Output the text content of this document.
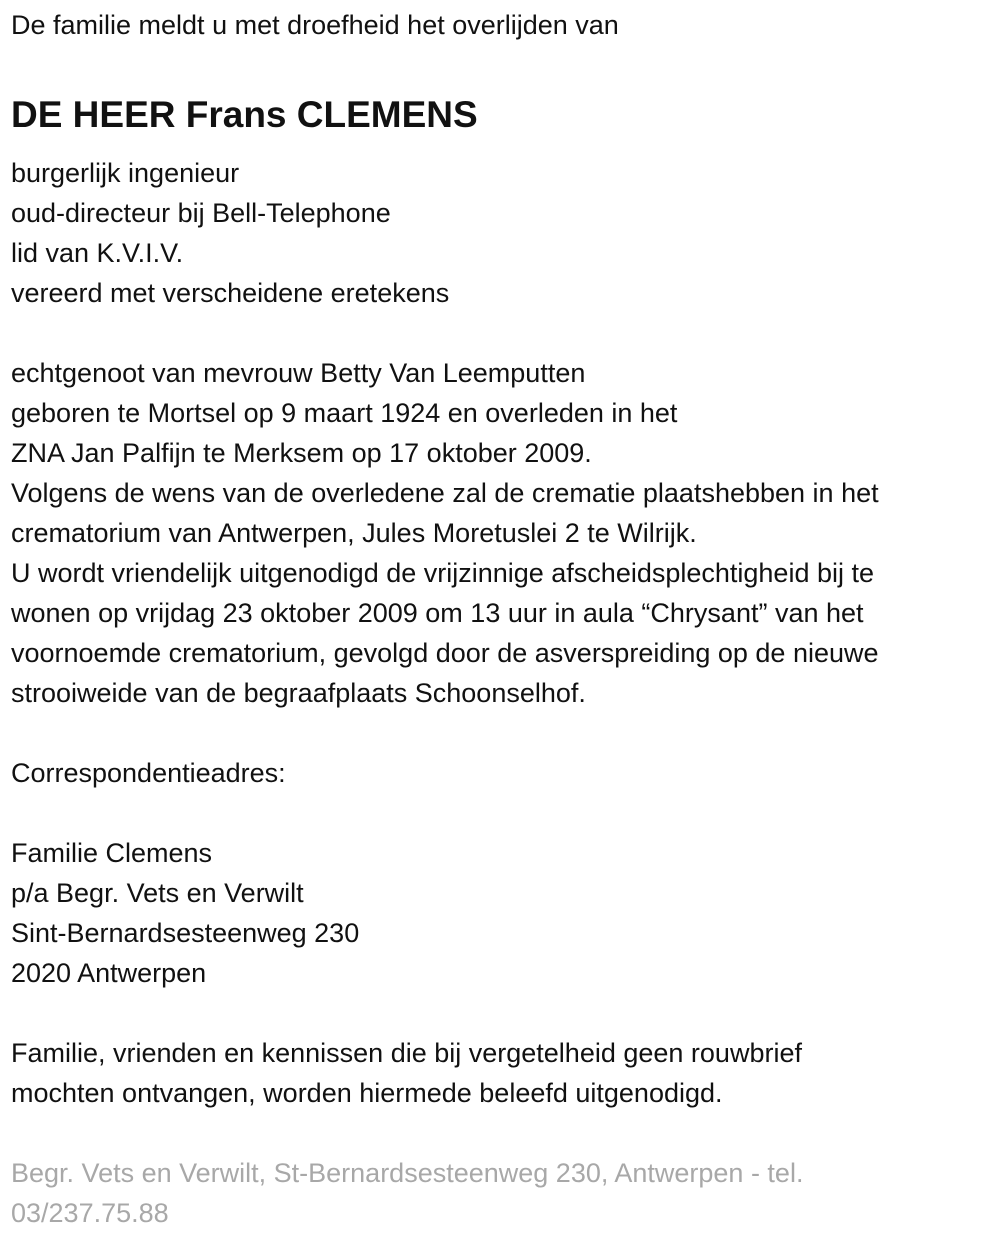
De familie meldt u met droefheid het overlijden van
DE HEER Frans CLEMENS
burgerlijk ingenieur
oud-directeur bij Bell-Telephone
lid van K.V.I.V.
vereerd met verscheidene eretekens
echtgenoot van mevrouw Betty Van Leemputten
geboren te Mortsel op 9 maart 1924 en overleden in het
ZNA Jan Palfijn te Merksem op 17 oktober 2009.
Volgens de wens van de overledene zal de crematie plaatshebben in het
crematorium van Antwerpen, Jules Moretuslei 2 te Wilrijk.
U wordt vriendelijk uitgenodigd de vrijzinnige afscheidsplechtigheid bij te
wonen op vrijdag 23 oktober 2009 om 13 uur in aula “Chrysant” van het
voornoemde crematorium, gevolgd door de asverspreiding op de nieuwe
strooiweide van de begraafplaats Schoonselhof.
Correspondentieadres:
Familie Clemens
p/a Begr. Vets en Verwilt
Sint-Bernardsesteenweg 230
2020 Antwerpen
Familie, vrienden en kennissen die bij vergetelheid geen rouwbrief
mochten ontvangen, worden hiermede beleefd uitgenodigd.
Begr. Vets en Verwilt, St-Bernardsesteenweg 230, Antwerpen - tel.
03/237.75.88
